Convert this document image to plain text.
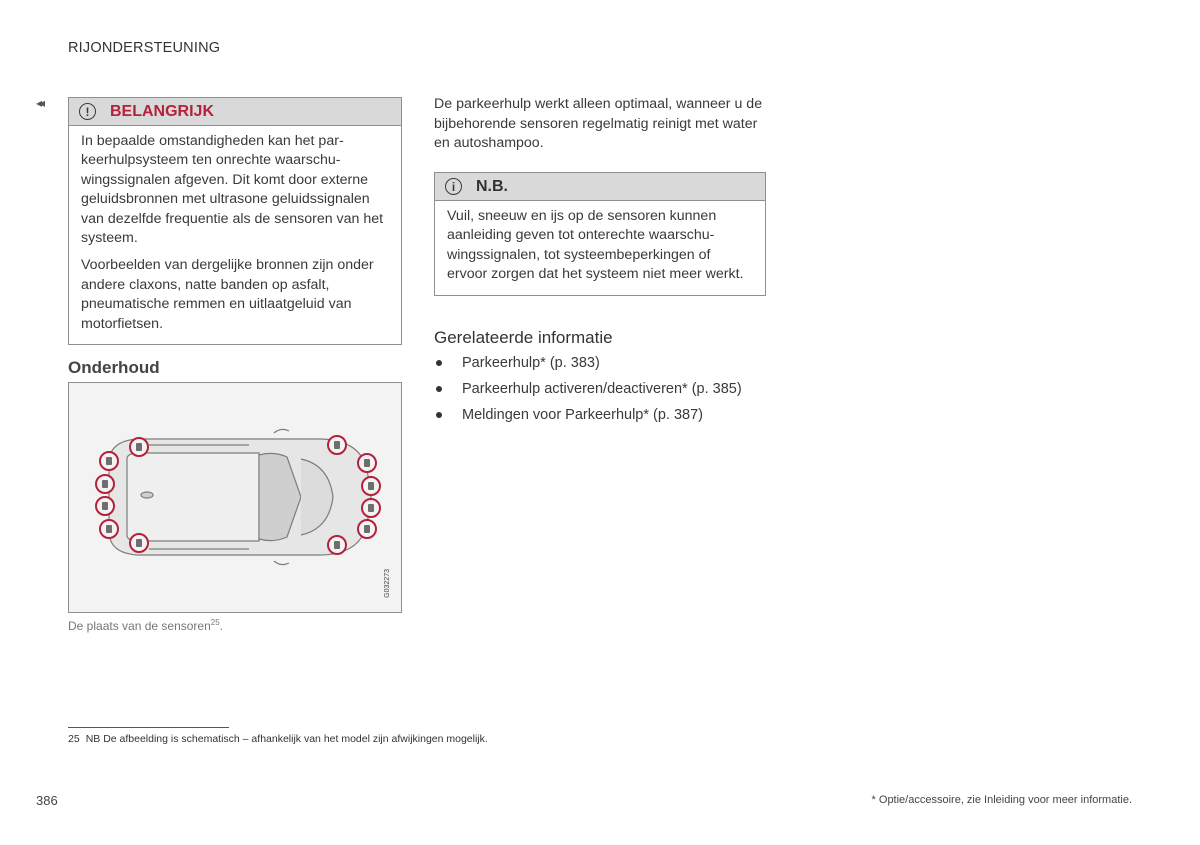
RIJONDERSTEUNING
◂◂
!	BELANGRIJK

In bepaalde omstandigheden kan het parkeerhulpsysteem ten onrechte waarschuwingssignalen afgeven. Dit komt door externe geluidsbronnen met ultrasone geluidssignalen van dezelfde frequentie als de sensoren van het systeem.

Voorbeelden van dergelijke bronnen zijn onder andere claxons, natte banden op asfalt, pneumatische remmen en uitlaatgeluid van motorfietsen.

Onderhoud
G032273
De plaats van de sensoren$^{25}$.
De parkeerhulp werkt alleen optimaal, wanneer u de bijbehorende sensoren regelmatig reinigt met water en autoshampoo.
i	N.B.

Vuil, sneeuw en ijs op de sensoren kunnen aanleiding geven tot onterechte waarschuwingssignalen, tot systeembeperkingen of ervoor zorgen dat het systeem niet meer werkt.

Gerelateerde informatie
Parkeerhulp* (p. 383)
Parkeerhulp activeren/deactiveren* (p. 385)
Meldingen voor Parkeerhulp* (p. 387)
25 NB De afbeelding is schematisch – afhankelijk van het model zijn afwijkingen mogelijk.
386	* Optie/accessoire, zie Inleiding voor meer informatie.
